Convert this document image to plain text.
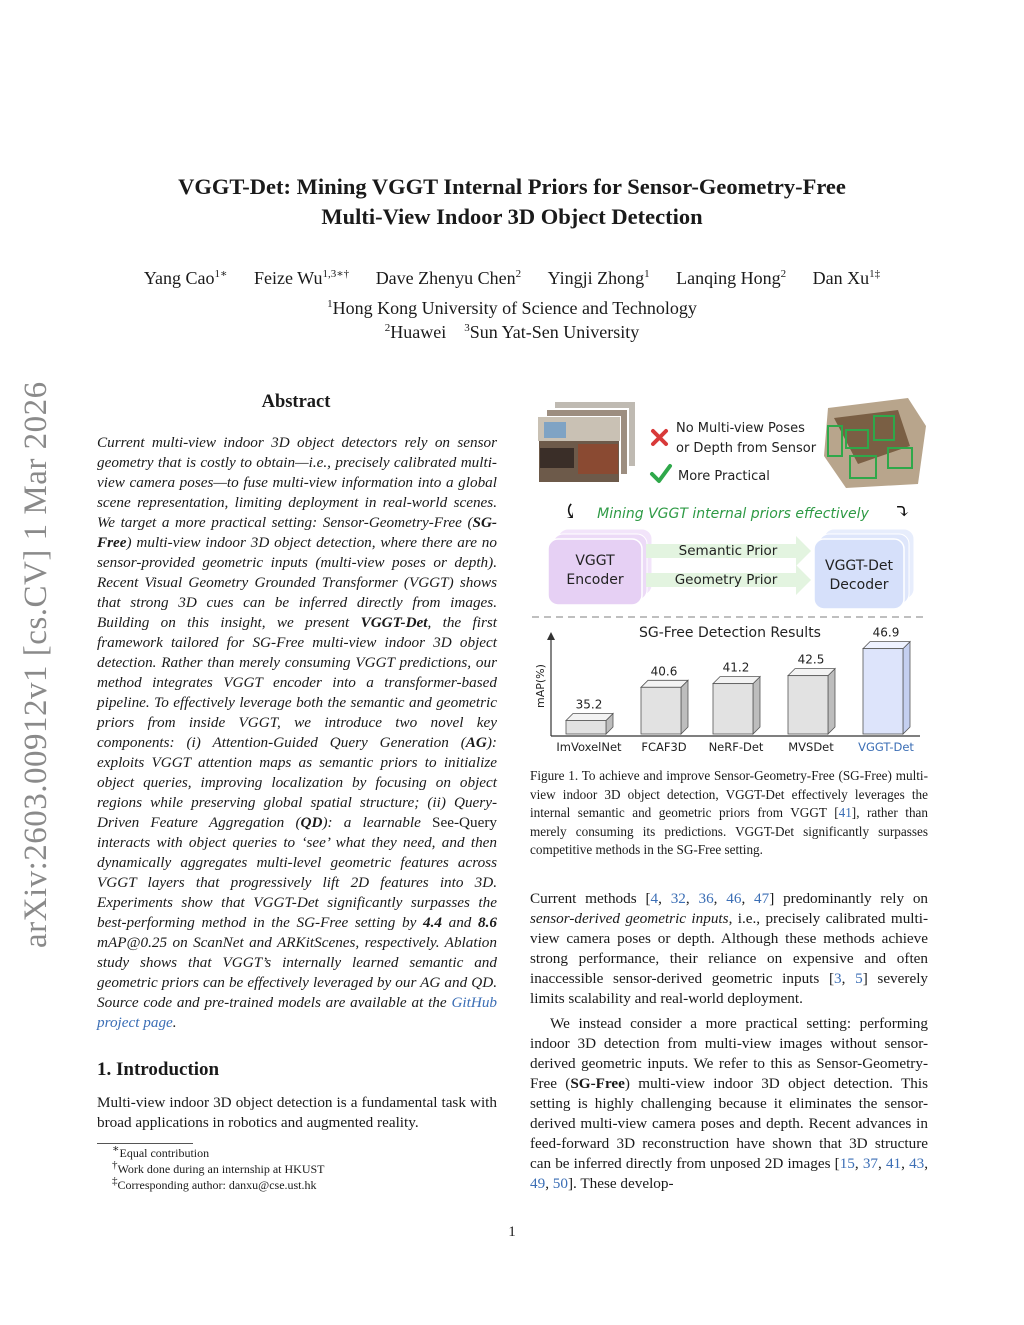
VGGT-Det: Mining VGGT Internal Priors for Sensor-Geometry-Free
Multi-View Indoor 3D Object Detection
Yang Cao$^{1∗}$ Feize $Wu^{1,3∗\dagger}$ Dave Zhenyu Chen$^2$ Yingji Zhong$^1$ Lanqing Hong$^2$ Dan $Xu^{1\ddagger}$
$^1$Hong Kong University of Science and Technology
$^2$Huawei $^3$Sun Yat-Sen University
arXiv:2603.00912v1 [cs.CV] 1 Mar 2026	Abstract
Current multi-view indoor 3D object detectors rely on sensor geometry that is costly to obtain—i.e., precisely calibrated multi-view camera poses—to fuse multi-view information into a global scene representation, limiting deployment in real-world scenes. We target a more practical setting: Sensor-Geometry-Free (SG-Free) multi-view indoor 3D object detection, where there are no sensor-provided geometric inputs (multi-view poses or depth). Recent Visual Geometry Grounded Transformer (VGGT) shows that strong 3D cues can be inferred directly from images. Building on this insight, we present VGGT-Det, the first framework tailored for SG-Free multi-view indoor 3D object detection. Rather than merely consuming VGGT predictions, our method integrates VGGT encoder into a transformer-based pipeline. To effectively leverage both the semantic and geometric priors from inside VGGT, we introduce two novel key components: (i) Attention-Guided Query Generation (AG): exploits VGGT attention maps as semantic priors to initialize object queries, improving localization by focusing on object regions while preserving global spatial structure; (ii) Query-Driven Feature Aggregation (QD): a learnable See-Query interacts with object queries to ‘see’ what they need, and then dynamically aggregates multi-level geometric features across VGGT layers that progressively lift 2D features into 3D. Experiments show that VGGT-Det significantly surpasses the best-performing method in the SG-Free setting by 4.4 and 8.6 mAP@0.25 on ScanNet and ARKitScenes, respectively. Ablation study shows that VGGT’s internally learned semantic and geometric priors can be effectively leveraged by our AG and QD. Source code and pre-trained models are available at the GitHub project page.
1. Introduction
Multi-view indoor 3D object detection is a fundamental task with broad applications in robotics and augmented reality.
∗Equal contribution
†Work done during an internship at HKUST
‡Corresponding author: danxu@cse.ust.hk
No Multi-view Poses
or Depth from Sensor
More Practical
⤹	⤵
Mining VGGT internal priors effectively
VGGT
Encoder
Semantic Prior
Geometry Prior
VGGT-Det
Decoder
SG-Free Detection Results
mAP(%) 35.2
ImVoxelNet
40.6
FCAF3D
41.2
NeRF-Det
42.5
MVSDet
46.9
VGGT-Det
Figure 1. To achieve and improve Sensor-Geometry-Free (SG-Free) multi-view indoor 3D object detection, VGGT-Det effectively leverages the internal semantic and geometric priors from VGGT [41], rather than merely consuming its predictions. VGGT-Det significantly surpasses competitive methods in the SG-Free setting.
Current methods [4, 32, 36, 46, 47] predominantly rely on sensor-derived geometric inputs, i.e., precisely calibrated multi-view camera poses or depth. Although these methods achieve strong performance, their reliance on expensive and often inaccessible sensor-derived geometric inputs [3, 5] severely limits scalability and real-world deployment.
We instead consider a more practical setting: performing indoor 3D detection from multi-view images without sensor-derived geometric inputs. We refer to this as Sensor-Geometry-Free (SG-Free) multi-view indoor 3D object detection. This setting is highly challenging because it eliminates the sensor-derived multi-view camera poses and depth. Recent advances in feed-forward 3D reconstruction have shown that 3D structure can be inferred directly from unposed 2D images [15, 37, 41, 43, 49, 50]. These develop-
1
